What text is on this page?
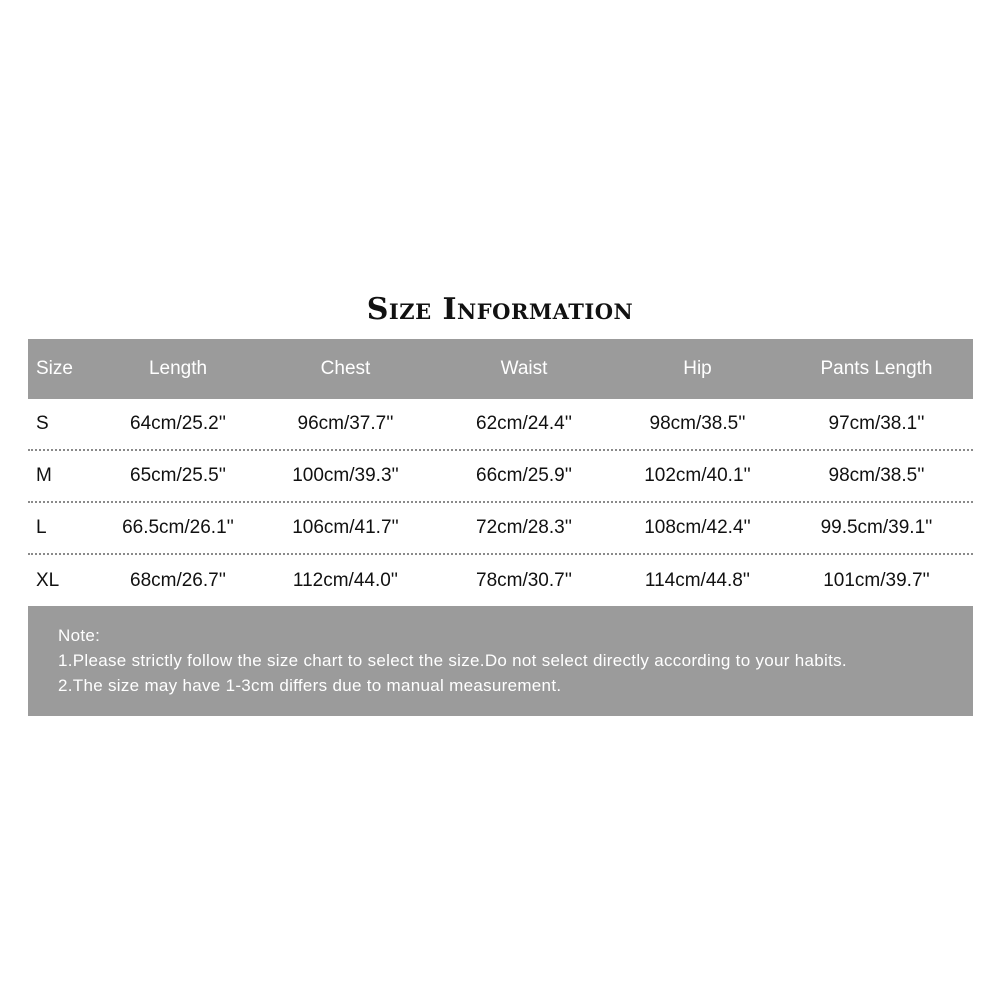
Size Information
Size	Length	Chest	Waist	Hip	Pants Length
S	64cm/25.2''	96cm/37.7''	62cm/24.4''	98cm/38.5''	97cm/38.1''
M	65cm/25.5''	100cm/39.3''	66cm/25.9''	102cm/40.1''	98cm/38.5''
L	66.5cm/26.1''	106cm/41.7''	72cm/28.3''	108cm/42.4''	99.5cm/39.1''
XL	68cm/26.7''	112cm/44.0''	78cm/30.7''	114cm/44.8''	101cm/39.7''
Note:
1.Please strictly follow the size chart to select the size.Do not select directly according to your habits.
2.The size may have 1-3cm differs due to manual measurement.
